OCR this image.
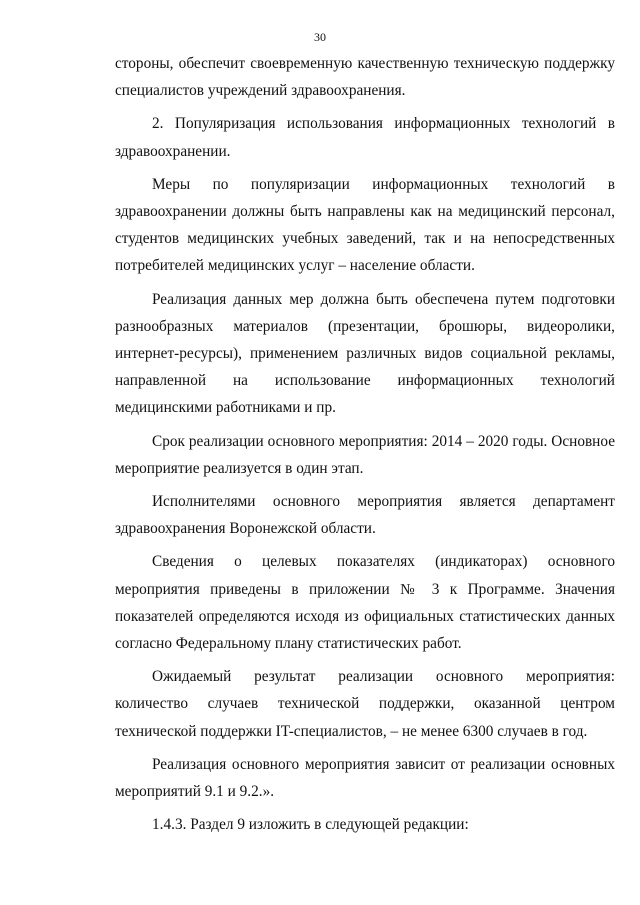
30

стороны, обеспечит своевременную качественную техническую поддержку специалистов учреждений здравоохранения.

2. Популяризация использования информационных технологий в здравоохранении.

Меры по популяризации информационных технологий в здравоохранении должны быть направлены как на медицинский персонал, студентов медицинских учебных заведений, так и на непосредственных потребителей медицинских услуг – население области.

Реализация данных мер должна быть обеспечена путем подготовки разнообразных материалов (презентации, брошюры, видеоролики, интернет-ресурсы), применением различных видов социальной рекламы, направленной на использование информационных технологий медицинскими работниками и пр.

Срок реализации основного мероприятия: 2014 – 2020 годы. Основное мероприятие реализуется в один этап.

Исполнителями основного мероприятия является департамент здравоохранения Воронежской области.

Сведения о целевых показателях (индикаторах) основного мероприятия приведены в приложении № 3 к Программе. Значения показателей определяются исходя из официальных статистических данных согласно Федеральному плану статистических работ.

Ожидаемый результат реализации основного мероприятия: количество случаев технической поддержки, оказанной центром технической поддержки IT-специалистов, – не менее 6300 случаев в год.

Реализация основного мероприятия зависит от реализации основных мероприятий 9.1 и 9.2.».

1.4.3. Раздел 9 изложить в следующей редакции:
